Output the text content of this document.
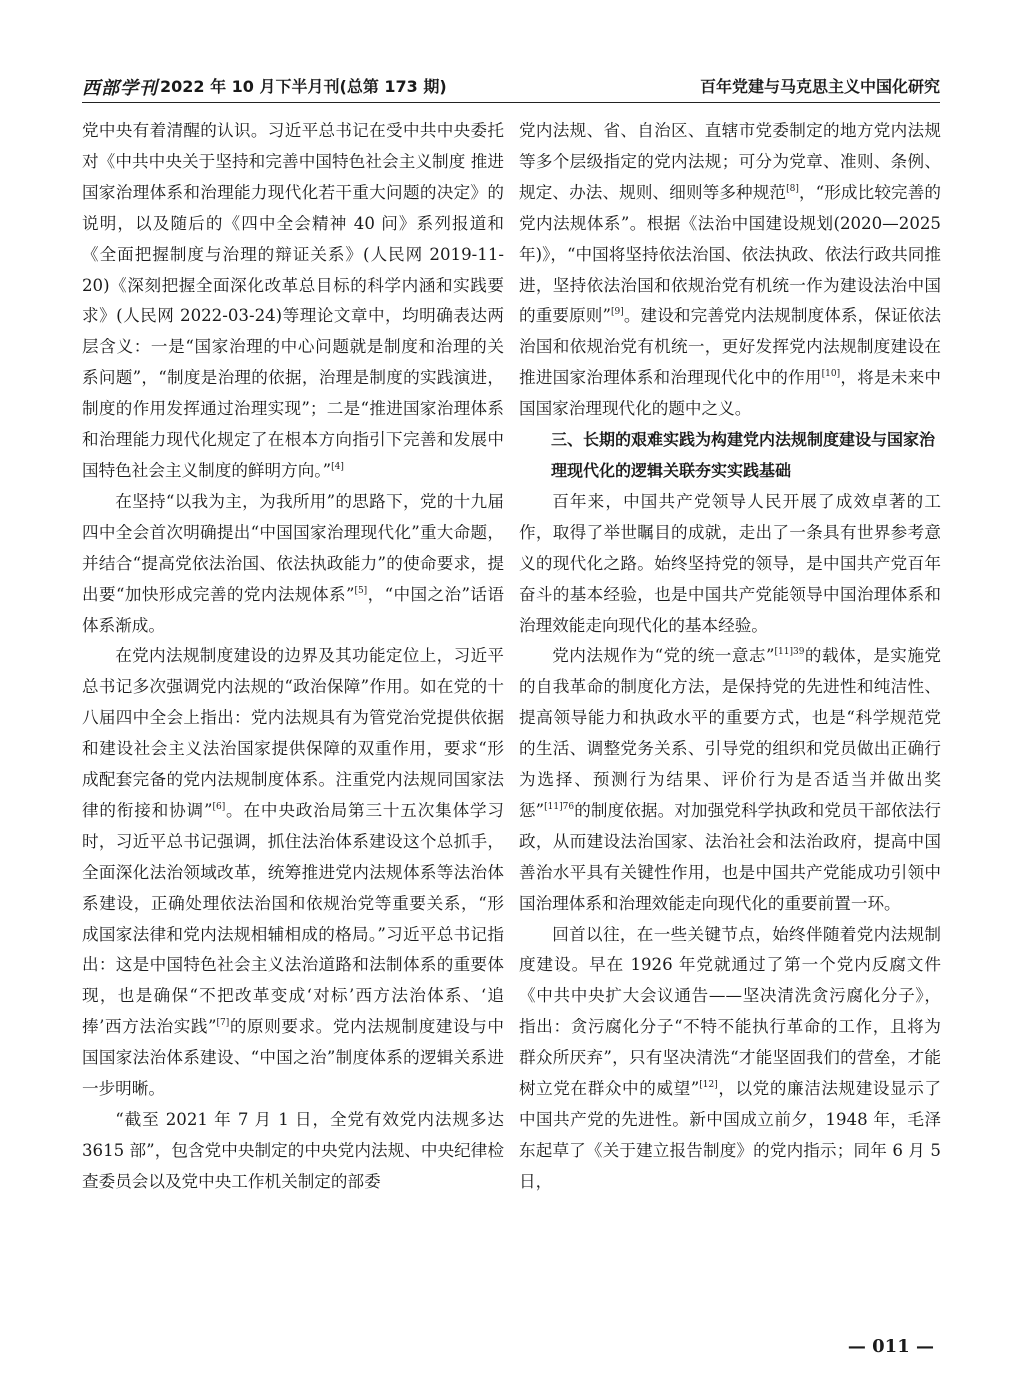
西部学刊 2022 年 10 月下半月刊(总第 173 期)	百年党建与马克思主义中国化研究

党中央有着清醒的认识。习近平总书记在受中共中央委托对《中共中央关于坚持和完善中国特色社会主义制度 推进国家治理体系和治理能力现代化若干重大问题的决定》的说明，以及随后的《四中全会精神 40 问》系列报道和《全面把握制度与治理的辩证关系》(人民网 2019-11-20)《深刻把握全面深化改革总目标的科学内涵和实践要求》(人民网 2022-03-24)等理论文章中，均明确表达两层含义：一是“国家治理的中心问题就是制度和治理的关系问题”，“制度是治理的依据，治理是制度的实践演进，制度的作用发挥通过治理实现”；二是“推进国家治理体系和治理能力现代化规定了在根本方向指引下完善和发展中国特色社会主义制度的鲜明方向。”[4]

在坚持“以我为主，为我所用”的思路下，党的十九届四中全会首次明确提出“中国国家治理现代化”重大命题，并结合“提高党依法治国、依法执政能力”的使命要求，提出要“加快形成完善的党内法规体系”[5]，“中国之治”话语体系渐成。

在党内法规制度建设的边界及其功能定位上，习近平总书记多次强调党内法规的“政治保障”作用。如在党的十八届四中全会上指出：党内法规具有为管党治党提供依据和建设社会主义法治国家提供保障的双重作用，要求“形成配套完备的党内法规制度体系。注重党内法规同国家法律的衔接和协调”[6]。在中央政治局第三十五次集体学习时，习近平总书记强调，抓住法治体系建设这个总抓手，全面深化法治领域改革，统筹推进党内法规体系等法治体系建设，正确处理依法治国和依规治党等重要关系，“形成国家法律和党内法规相辅相成的格局。”习近平总书记指出：这是中国特色社会主义法治道路和法制体系的重要体现，也是确保“不把改革变成‘对标’西方法治体系、‘追捧’西方法治实践”[7]的原则要求。党内法规制度建设与中国国家法治体系建设、“中国之治”制度体系的逻辑关系进一步明晰。

“截至 2021 年 7 月 1 日，全党有效党内法规多达 3615 部”，包含党中央制定的中央党内法规、中央纪律检查委员会以及党中央工作机关制定的部委

党内法规、省、自治区、直辖市党委制定的地方党内法规等多个层级指定的党内法规；可分为党章、准则、条例、规定、办法、规则、细则等多种规范[8]，“形成比较完善的党内法规体系”。根据《法治中国建设规划(2020—2025 年)》，“中国将坚持依法治国、依法执政、依法行政共同推进，坚持依法治国和依规治党有机统一作为建设法治中国的重要原则”[9]。建设和完善党内法规制度体系，保证依法治国和依规治党有机统一，更好发挥党内法规制度建设在推进国家治理体系和治理现代化中的作用[10]，将是未来中国国家治理现代化的题中之义。

三、长期的艰难实践为构建党内法规制度建设与国家治理现代化的逻辑关联夯实实践基础

百年来，中国共产党领导人民开展了成效卓著的工作，取得了举世瞩目的成就，走出了一条具有世界参考意义的现代化之路。始终坚持党的领导，是中国共产党百年奋斗的基本经验，也是中国共产党能领导中国治理体系和治理效能走向现代化的基本经验。

党内法规作为“党的统一意志”$^{[11]39}$的载体，是实施党的自我革命的制度化方法，是保持党的先进性和纯洁性、提高领导能力和执政水平的重要方式，也是“科学规范党的生活、调整党务关系、引导党的组织和党员做出正确行为选择、预测行为结果、评价行为是否适当并做出奖惩”$^{[11]76}$的制度依据。对加强党科学执政和党员干部依法行政，从而建设法治国家、法治社会和法治政府，提高中国善治水平具有关键性作用，也是中国共产党能成功引领中国治理体系和治理效能走向现代化的重要前置一环。

回首以往，在一些关键节点，始终伴随着党内法规制度建设。早在 1926 年党就通过了第一个党内反腐文件《中共中央扩大会议通告——坚决清洗贪污腐化分子》，指出：贪污腐化分子“不特不能执行革命的工作，且将为群众所厌弃”，只有坚决清洗“才能坚固我们的营垒，才能树立党在群众中的威望”[12]，以党的廉洁法规建设显示了中国共产党的先进性。新中国成立前夕，1948 年，毛泽东起草了《关于建立报告制度》的党内指示；同年 6 月 5 日，

— 011 —
